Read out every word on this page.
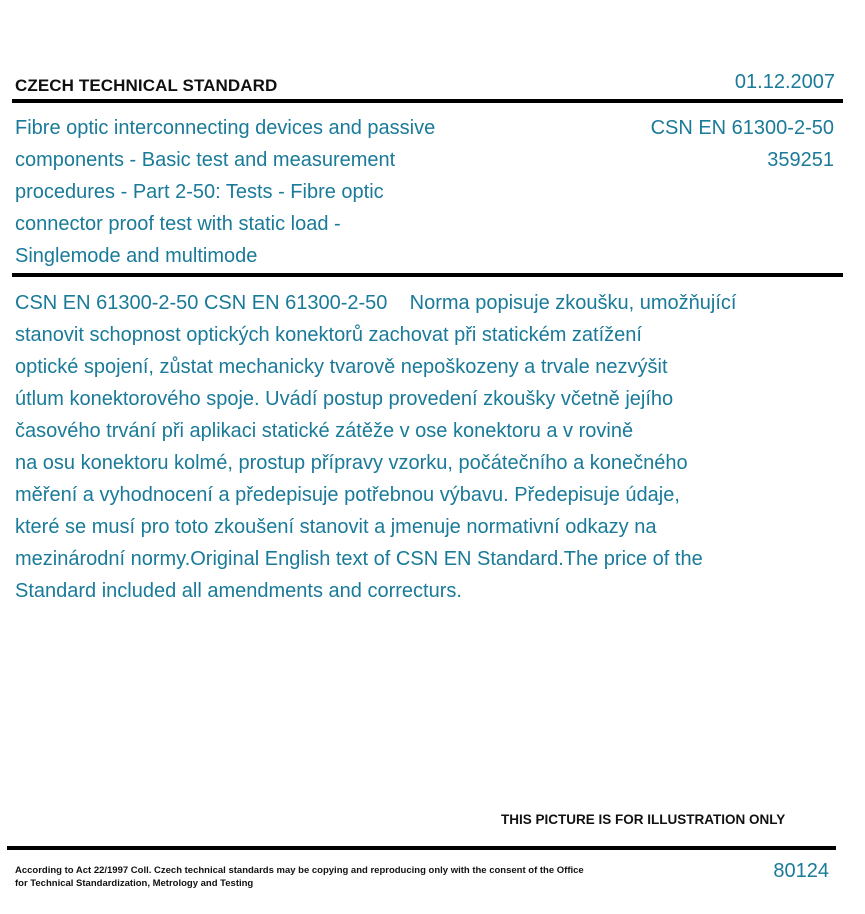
CZECH TECHNICAL STANDARD	01.12.2007
Fibre optic interconnecting devices and passive
components - Basic test and measurement
procedures - Part 2-50: Tests - Fibre optic
connector proof test with static load -
Singlemode and multimode
CSN EN 61300-2-50
359251
CSN EN 61300-2-50 CSN EN 61300-2-50    Norma popisuje zkoušku, umožňující
stanovit schopnost optických konektorů zachovat při statickém zatížení
optické spojení, zůstat mechanicky tvarově nepoškozeny a trvale nezvýšit
útlum konektorového spoje. Uvádí postup provedení zkoušky včetně jejího
časového trvání při aplikaci statické zátěže v ose konektoru a v rovině
na osu konektoru kolmé, prostup přípravy vzorku, počátečního a konečného
měření a vyhodnocení a předepisuje potřebnou výbavu. Předepisuje údaje,
které se musí pro toto zkoušení stanovit a jmenuje normativní odkazy na
mezinárodní normy.Original English text of CSN EN Standard.The price of the
Standard included all amendments and correcturs.
THIS PICTURE IS FOR ILLUSTRATION ONLY
According to Act 22/1997 Coll. Czech technical standards may be copying and reproducing only with the consent of the Office
for Technical Standardization, Metrology and Testing
80124
